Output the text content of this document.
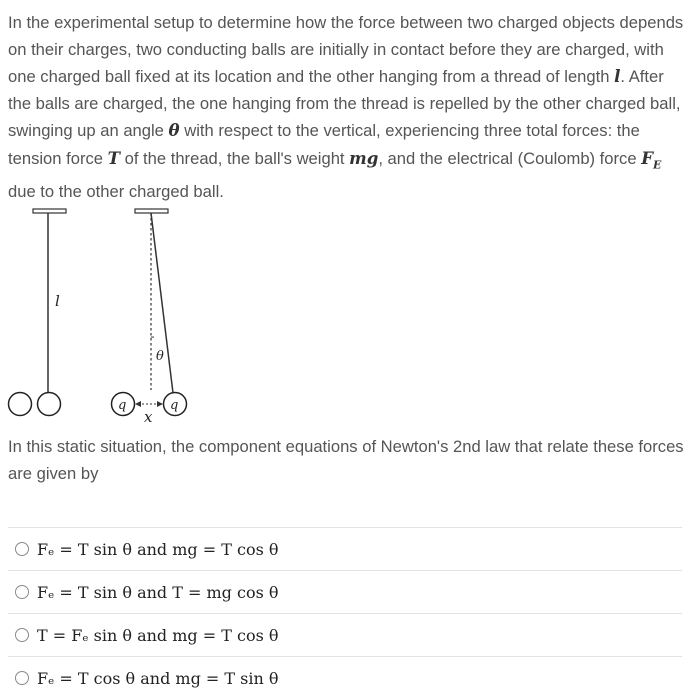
In the experimental setup to determine how the force between two charged objects depends on their charges, two conducting balls are initially in contact before they are charged, with one charged ball fixed at its location and the other hanging from a thread of length l. After the balls are charged, the one hanging from the thread is repelled by the other charged ball, swinging up an angle θ with respect to the vertical, experiencing three total forces: the tension force T of the thread, the ball's weight mg, and the electrical (Coulomb) force $F_E$ due to the other charged ball.

l
θ
q	q
x

In this static situation, the component equations of Newton's 2nd law that relate these forces are given by

Fₑ = T sin θ and mg = T cos θ
Fₑ = T sin θ and T = mg cos θ
T = Fₑ sin θ and mg = T cos θ
Fₑ = T cos θ and mg = T sin θ
